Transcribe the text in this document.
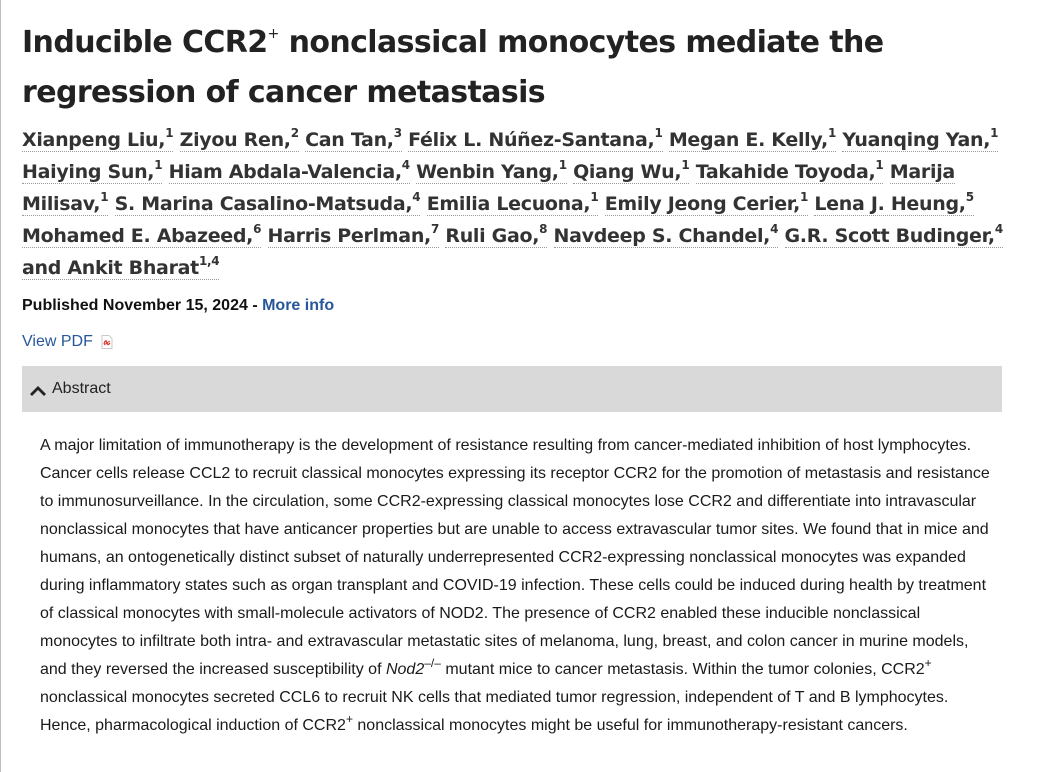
Inducible CCR2+ nonclassical monocytes mediate the regression of cancer metastasis
Xianpeng Liu,$^1$ Ziyou Ren,$^2$ Can Tan,$^3$ Félix L. Núñez-Santana,$^1$ Megan E. Kelly,$^1$ Yuanqing Yan,$^1$ Haiying Sun,$^1$ Hiam Abdala-Valencia,$^4$ Wenbin Yang,$^1$ Qiang Wu,$^1$ Takahide Toyoda,$^1$ Marija Milisav,$^1$ S. Marina Casalino-Matsuda,$^4$ Emilia Lecuona,$^1$ Emily Jeong Cerier,$^1$ Lena J. Heung,$^5$ Mohamed E. Abazeed,$^6$ Harris Perlman,$^7$ Ruli Gao,$^8$ Navdeep S. Chandel,$^4$ G.R. Scott Budinger,$^4$ and Ankit Bharat$^{1,4}$
Published November 15, 2024 - More info
View PDF
Abstract
A major limitation of immunotherapy is the development of resistance resulting from cancer-mediated inhibition of host lymphocytes. Cancer cells release CCL2 to recruit classical monocytes expressing its receptor CCR2 for the promotion of metastasis and resistance to immunosurveillance. In the circulation, some CCR2-expressing classical monocytes lose CCR2 and differentiate into intravascular nonclassical monocytes that have anticancer properties but are unable to access extravascular tumor sites. We found that in mice and humans, an ontogenetically distinct subset of naturally underrepresented CCR2-expressing nonclassical monocytes was expanded during inflammatory states such as organ transplant and COVID-19 infection. These cells could be induced during health by treatment of classical monocytes with small-molecule activators of NOD2. The presence of CCR2 enabled these inducible nonclassical monocytes to infiltrate both intra- and extravascular metastatic sites of melanoma, lung, breast, and colon cancer in murine models, and they reversed the increased susceptibility of Nod2–/– mutant mice to cancer metastasis. Within the tumor colonies, CCR2+ nonclassical monocytes secreted CCL6 to recruit NK cells that mediated tumor regression, independent of T and B lymphocytes. Hence, pharmacological induction of CCR2+ nonclassical monocytes might be useful for immunotherapy-resistant cancers.
